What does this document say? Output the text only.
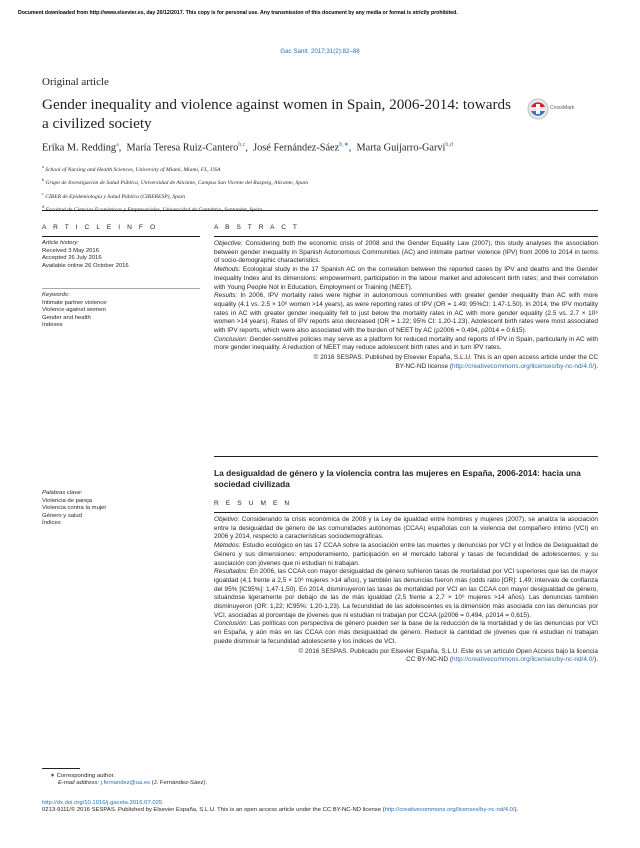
Document downloaded from http://www.elsevier.es, day 20/12/2017. This copy is for personal use. Any transmission of this document by any media or format is strictly prohibited.
Gac Sanit. 2017;31(2):82–88
Original article
Gender inequality and violence against women in Spain, 2006-2014: towards a civilized society
CrossMark
Erika M. Redding$^a$,  María Teresa Ruiz-Cantero$^{b,c}$,  José Fernández-Sáez$^{b,∗}$,  Marta Guijarro-Garvi$^{b,d}$
$^a$ School of Nursing and Health Sciences, University of Miami, Miami, FL, USA
$^b$ Grupo de Investigación de Salud Pública, Universidad de Alicante, Campus San Vicente del Raspeig, Alicante, Spain
$^c$ CIBER de Epidemiología y Salud Pública (CIBERESP), Spain
$^d$ Facultad de Ciencias Económicas y Empresariales, Universidad de Cantabria, Santander, Spain
A R T I C L E I N F O
Article history:
Received 3 May 2016
Accepted 26 July 2016
Available online 26 October 2016
Keywords:
Intimate partner violence
Violence against women
Gender and health
Indexes
A B S T R A C T
Objective: Considering both the economic crisis of 2008 and the Gender Equality Law (2007), this study analyses the association between gender inequality in Spanish Autonomous Communities (AC) and intimate partner violence (IPV) from 2006 to 2014 in terms of socio-demographic characteristics.
Methods: Ecological study in the 17 Spanish AC on the correlation between the reported cases by IPV and deaths and the Gender Inequality Index and its dimensions: empowerment, participation in the labour market and adolescent birth rates; and their correlation with Young People Not in Education, Employment or Training (NEET).
Results: In 2006, IPV mortality rates were higher in autonomous communities with greater gender inequality than AC with more equality (4.1 vs. 2.5 × 10⁶ women >14 years), as were reporting rates of IPV (OR = 1.49; 95%CI: 1.47-1.50). In 2014, the IPV mortality rates in AC with greater gender inequality fell to just below the mortality rates in AC with more gender equality (2.5 vs. 2.7 × 10⁶ women >14 years). Rates of IPV reports also decreased (OR = 1.22; 95% CI: 1.20-1.23). Adolescent birth rates were most associated with IPV reports, which were also associated with the burden of NEET by AC (ρ2006 = 0.494, ρ2014 = 0.615).
Conclusion: Gender-sensitive policies may serve as a platform for reduced mortality and reports of IPV in Spain, particularly in AC with more gender inequality. A reduction of NEET may reduce adolescent birth rates and in turn IPV rates.
© 2016 SESPAS. Published by Elsevier España, S.L.U. This is an open access article under the CC
BY-NC-ND license (http://creativecommons.org/licenses/by-nc-nd/4.0/).
La desigualdad de género y la violencia contra las mujeres en España, 2006-2014: hacia una sociedad civilizada
Palabras clave:
Violencia de pareja
Violencia contra la mujer
Género y salud
Índices
R E S U M E N
Objetivo: Considerando la crisis económica de 2008 y la Ley de igualdad entre hombres y mujeres (2007), se analiza la asociación entre la desigualdad de género de las comunidades autónomas (CCAA) españolas con la violencia del compañero íntimo (VCI) en 2006 y 2014, respecto a características sociodemográficas.
Métodos: Estudio ecológico en las 17 CCAA sobre la asociación entre las muertes y denuncias por VCI y el Índice de Desigualdad de Género y sus dimensiones: empoderamiento, participación en el mercado laboral y tasas de fecundidad de adolescentes; y su asociación con jóvenes que ni estudian ni trabajan.
Resultados: En 2006, las CCAA con mayor desigualdad de género sufrieron tasas de mortalidad por VCI superiores que las de mayor igualdad (4,1 frente a 2,5 × 10⁶ mujeres >14 años), y también las denuncias fueron más (odds ratio [OR]: 1,49; intervalo de confianza del 95% [IC95%]: 1,47-1,50). En 2014, disminuyeron las tasas de mortalidad por VCI en las CCAA con mayor desigualdad de género, situándose ligeramente por debajo de las de más igualdad (2,5 frente a 2,7 × 10⁶ mujeres >14 años). Las denuncias también disminuyeron (OR: 1,22; IC95%: 1,20-1,23). La fecundidad de las adolescentes es la dimensión más asociada con las denuncias por VCI, asociadas al porcentaje de jóvenes que ni estudian ni trabajan por CCAA (ρ2006 = 0,494, ρ2014 = 0,615).
Conclusión: Las políticas con perspectiva de género pueden ser la base de la reducción de la mortalidad y de las denuncias por VCI en España, y aún más en las CCAA con más desigualdad de género. Reducir la cantidad de jóvenes que ni estudian ni trabajan puede disminuir la fecundidad adolescente y los índices de VCI.
© 2016 SESPAS. Publicado por Elsevier España, S.L.U. Este es un artículo Open Access bajo la licencia
CC BY-NC-ND (http://creativecommons.org/licenses/by-nc-nd/4.0/).
∗ Corresponding author.
E-mail address: j.fernandez@ua.es (J. Fernández-Sáez).
http://dx.doi.org/10.1016/j.gaceta.2016.07.025
0213-9111/© 2016 SESPAS. Published by Elsevier España, S.L.U. This is an open access article under the CC BY-NC-ND license (http://creativecommons.org/licenses/by-nc-nd/4.0/).
